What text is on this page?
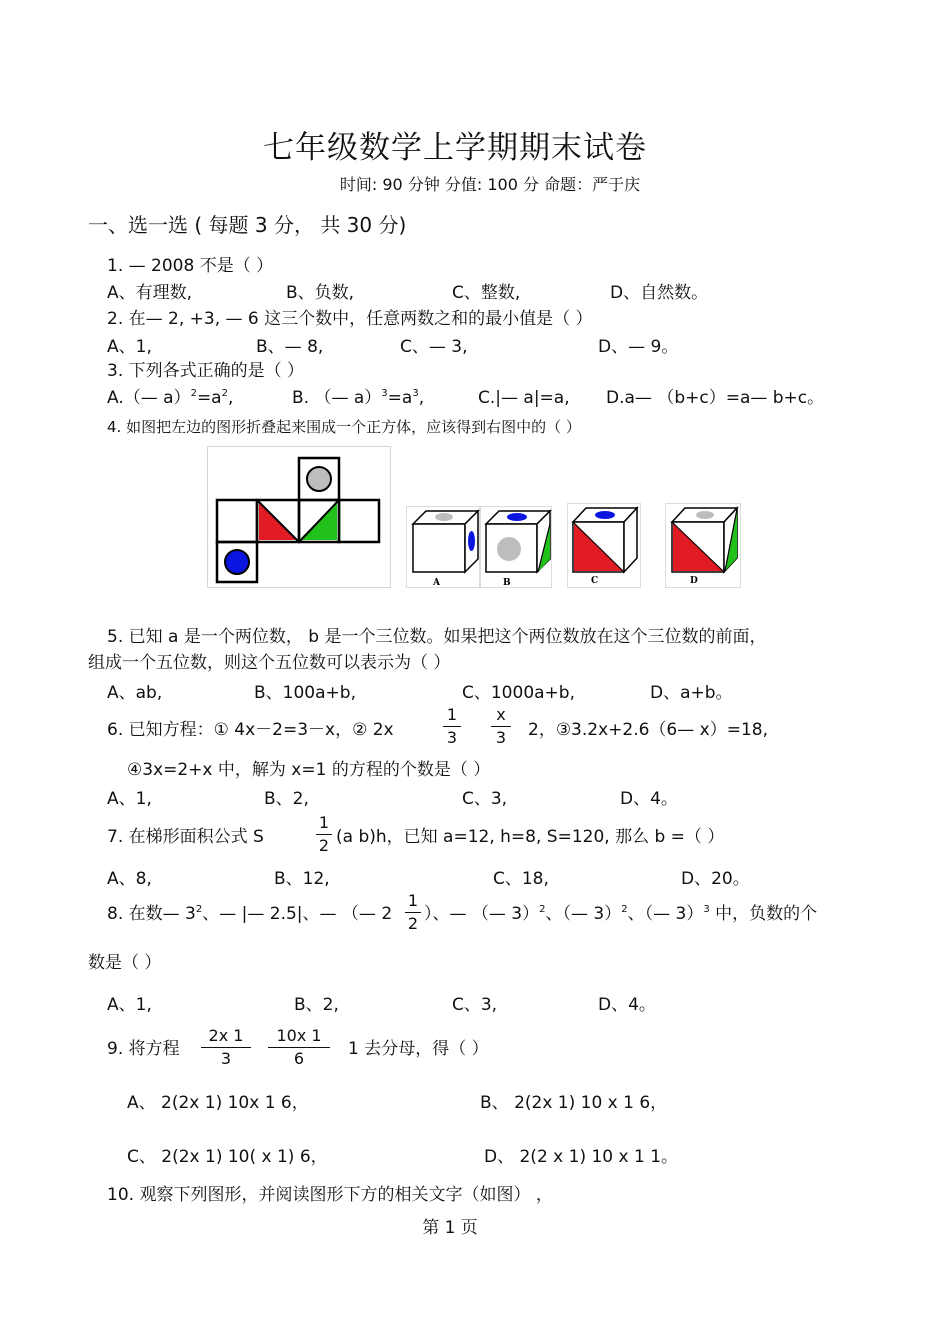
七年级数学上学期期末试卷
时间: 90 分钟 分值: 100 分 命题：严于庆
一、选一选 ( 每题 3 分， 共 30 分)
1. — 2008 不是（ ）
A、有理数,	B、负数,	C、整数,	D、自然数。
2. 在— 2, +3, — 6 这三个数中，任意两数之和的最小值是（ ）
A、1,	B、— 8,	C、— 3,	D、— 9。
3. 下列各式正确的是（ ）
A.（— $a)^2=a^2$,	B. （— $a)^3=a^3$,	C.|— a|=a, D.a— （b+c）=a— b+c。
4. 如图把左边的图形折叠起来围成一个正方体，应该得到右图中的（ ）
A	B	C	D
5. 已知 a 是一个两位数， b 是一个三位数。如果把这个两位数放在这个三位数的前面，
组成一个五位数，则这个五位数可以表示为（ ）
A、ab,	B、100a+b,	C、1000a+b,	D、a+b。
6. 已知方程：① 4x－2=3－x，② 2x
1
3
x
3 2，③3.2x+2.6（6— x）=18,
④3x=2+x 中，解为 x=1 的方程的个数是（ ）
A、1,	B、2,	C、3,	D、4。
7. 在梯形面积公式 S
1
2 (a b)h，已知 a=12, h=8, S=120, 那么 b =（ ）
A、8,	B、12,	C、18,	D、20。
8. 在数— $3^2$、— |— 2.5|、— （— 2
1
2 ）、— （— 3）$^2$、（— 3）$^2$、（— 3）$^3$ 中，负数的个
数是（ ）
A、1,	B、2,	C、3,	D、4。
9. 将方程
2x 1
3
10x 1
6	1 去分母，得（ ）
A、 2(2x 1) 10x 1 6，	B、 2(2x 1) 10 x 1 6，
C、 2(2x 1) 10( x 1) 6，	D、 2(2 x 1) 10 x 1 1。
10. 观察下列图形，并阅读图形下方的相关文字（如图） ，
第 1 页
